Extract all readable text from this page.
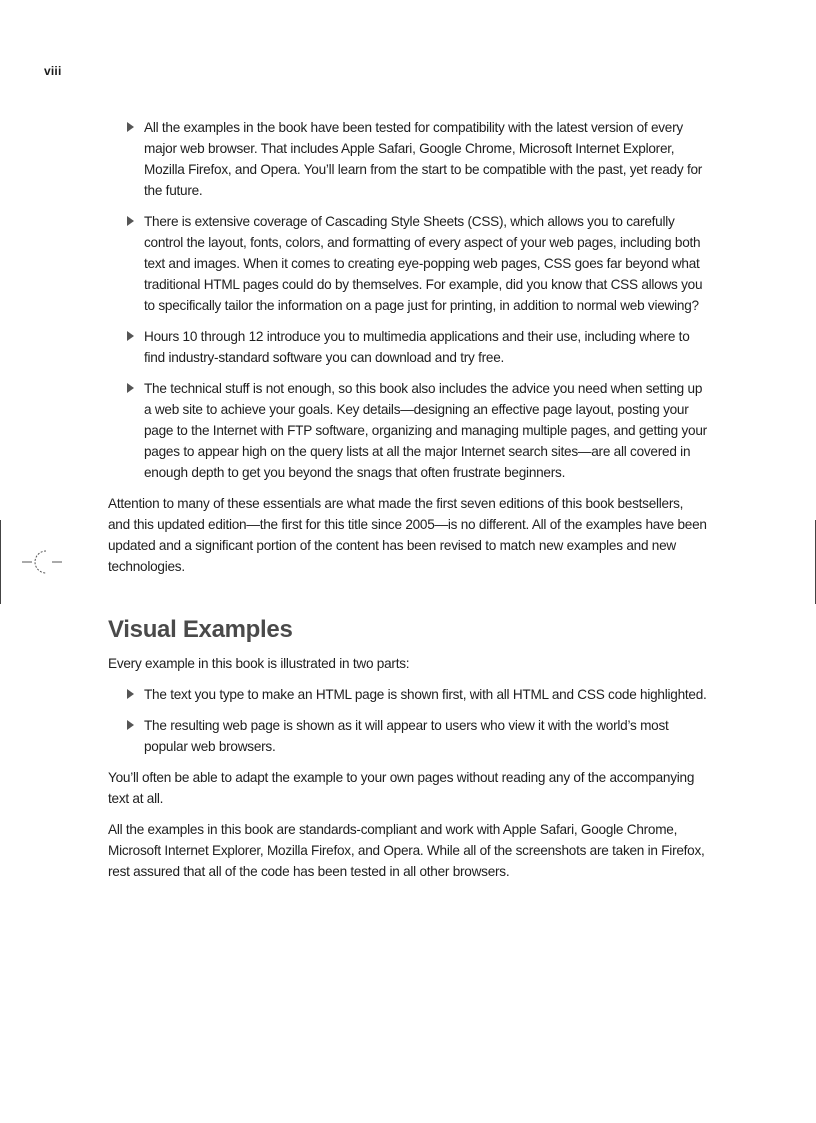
viii
All the examples in the book have been tested for compatibility with the latest version of every major web browser. That includes Apple Safari, Google Chrome, Microsoft Internet Explorer, Mozilla Firefox, and Opera. You’ll learn from the start to be compatible with the past, yet ready for the future.
There is extensive coverage of Cascading Style Sheets (CSS), which allows you to carefully control the layout, fonts, colors, and formatting of every aspect of your web pages, including both text and images. When it comes to creating eye-popping web pages, CSS goes far beyond what traditional HTML pages could do by themselves. For example, did you know that CSS allows you to specifically tailor the information on a page just for printing, in addition to normal web viewing?
Hours 10 through 12 introduce you to multimedia applications and their use, including where to find industry-standard software you can download and try free.
The technical stuff is not enough, so this book also includes the advice you need when setting up a web site to achieve your goals. Key details—designing an effective page layout, posting your page to the Internet with FTP software, organizing and managing multiple pages, and getting your pages to appear high on the query lists at all the major Internet search sites—are all covered in enough depth to get you beyond the snags that often frustrate beginners.

Attention to many of these essentials are what made the first seven editions of this book bestsellers, and this updated edition—the first for this title since 2005—is no different. All of the examples have been updated and a significant portion of the content has been revised to match new examples and new technologies.

Visual Examples

Every example in this book is illustrated in two parts:

The text you type to make an HTML page is shown first, with all HTML and CSS code highlighted.
The resulting web page is shown as it will appear to users who view it with the world’s most popular web browsers.

You’ll often be able to adapt the example to your own pages without reading any of the accompanying text at all.

All the examples in this book are standards-compliant and work with Apple Safari, Google Chrome, Microsoft Internet Explorer, Mozilla Firefox, and Opera. While all of the screenshots are taken in Firefox, rest assured that all of the code has been tested in all other browsers.
